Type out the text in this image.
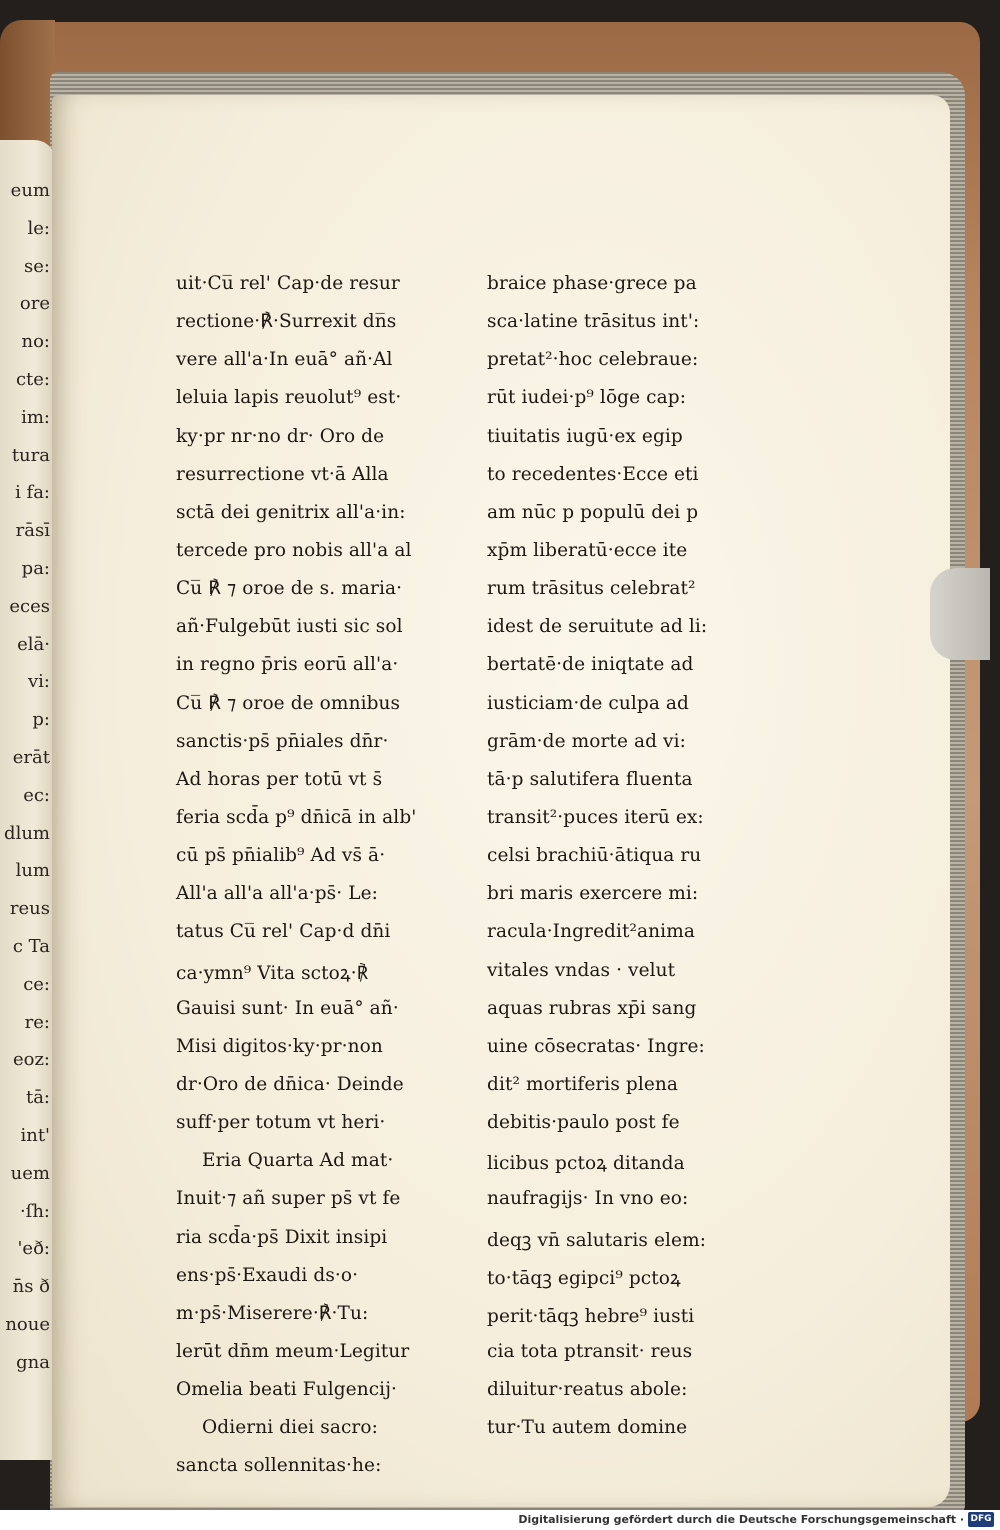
eum
le:
se:
ore
no:
cte:
im:
tura
i fa:
rāsī
pa:
eces
elā·
vi:
p:
erāt
ec:
dlum
lum
reus
c Ta
ce:
re:
eoz:
tā:
int'
uem
·ſh:
'eð:
n̄s ð
noue
gna
uit·Cu̅ rel' Cap·de resur
rectione·℟·Surrexit dn̅s
vere all'a·In euā° añ·Al
leluia lapis reuolut⁹ est·
ky·pr nr·no dr· Oro de
resurrectione vt·ā Alla
sctā dei genitrix all'a·in:
tercede pro nobis all'a al
Cu̅ ℟ ⁊ oroe de s. maria·
añ·Fulgebūt iusti sic sol
in regno p̄ris eorū all'a·
Cu̅ ℟ ⁊ oroe de omnibus
sanctis·ps̄ pn̄iales dn̄r·
Ad horas per totū vt s̄
feria scd̄a p⁹ dn̄icā in alb'
cū ps̄ pn̄ialib⁹ Ad vs̄ ā·
All'a all'a all'a·ps̄· Le:
tatus Cu̅ rel' Cap·d dn̄i
ca·ymn⁹ Vita sctoꝝ·℟
Gauisi sunt· In euā° añ·
Misi digitos·ky·pr·non
dr·Oro de dn̄ica· Deinde
suff·per totum vt heri·
Eria Quarta Ad mat·
Inuit·⁊ añ super ps̄ vt fe
ria scd̄a·ps̄ Dixit insipi
ens·ps̄·Exaudi ds·o·
m·ps̄·Miserere·℟·Tu:
lerūt dn̄m meum·Legitur
Omelia beati Fulgencij·
Odierni diei sacro:
sancta sollennitas·he:
braice phase·grece pa
sca·latine trāsitus int':
pretat²·hoc celebraue:
rūt iudei·p⁹ lōge cap:
tiuitatis iugū·ex egip
to recedentes·Ecce eti
am nūc p populū dei p
xp̄m liberatū·ecce ite
rum trāsitus celebrat²
idest de seruitute ad li:
bertatē·de iniqtate ad
iusticiam·de culpa ad
grām·de morte ad vi:
tā·p salutifera fluenta
transit²·puces iterū ex:
celsi brachiū·ātiqua ru
bri maris exercere mi:
racula·Ingredit²anima
vitales vndas · velut
aquas rubras xp̄i sang
uine cōsecratas· Ingre:
dit² mortiferis plena
debitis·paulo post fe
licibus pctoꝝ ditanda
naufragijs· In vno eo:
deqꝫ vn̄ salutaris elem:
to·tāqꝫ egipci⁹ pctoꝝ
perit·tāqꝫ hebre⁹ iusti
cia tota ptransit· reus
diluitur·reatus abole:
tur·Tu autem domine
Digitalisierung gefördert durch die Deutsche Forschungsgemeinschaft · DFG
